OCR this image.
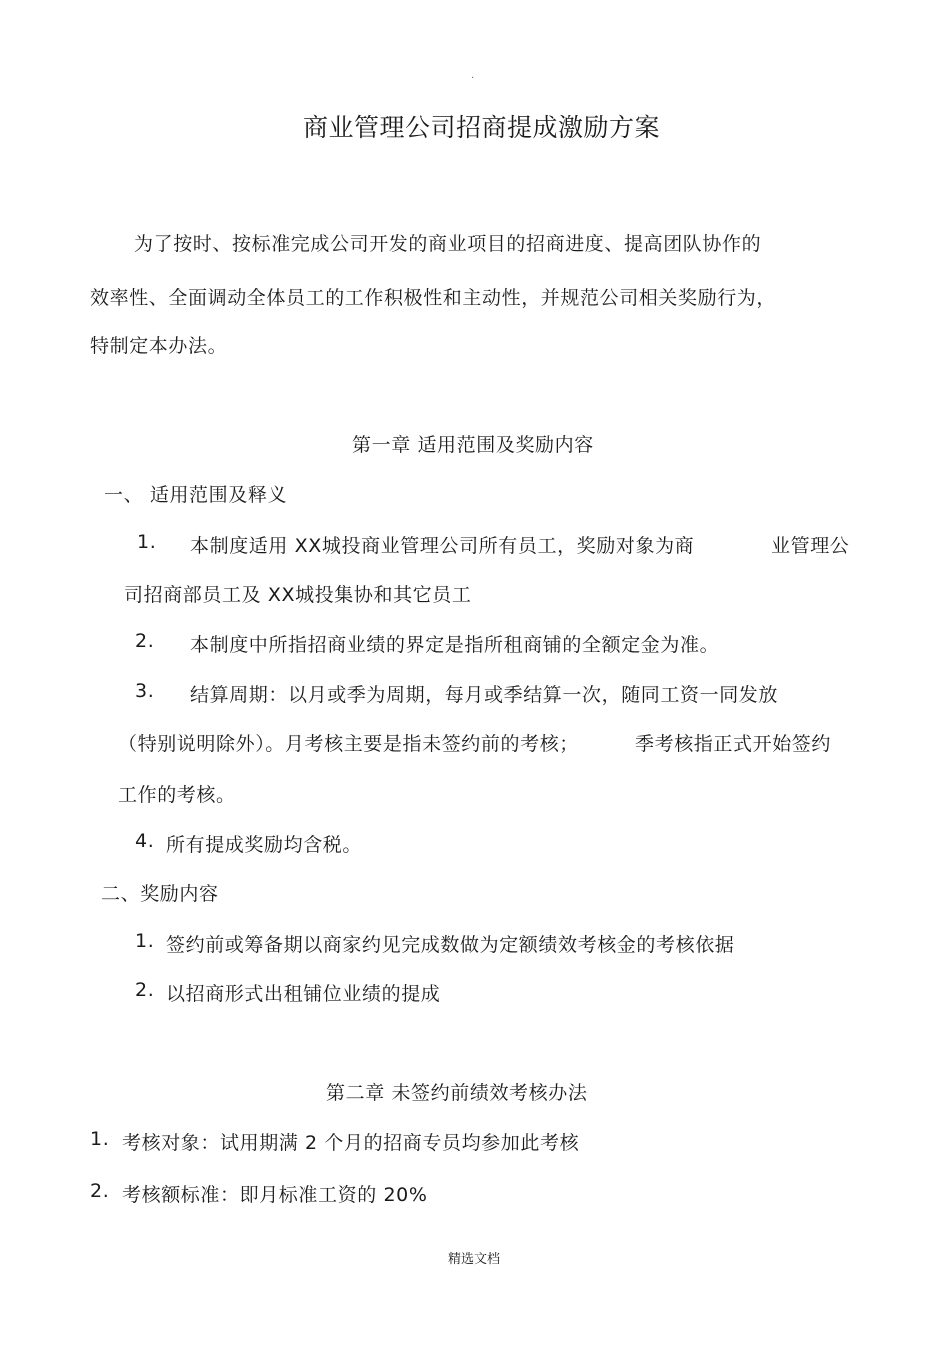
.
商业管理公司招商提成激励方案
为了按时、按标准完成公司开发的商业项目的招商进度、提高团队协作的
效率性、全面调动全体员工的工作积极性和主动性，并规范公司相关奖励行为，
特制定本办法。
第一章 适用范围及奖励内容
一、 适用范围及释义
1. 本制度适用 XX城投商业管理公司所有员工，奖励对象为商	业管理公
司招商部员工及 XX城投集协和其它员工
2. 本制度中所指招商业绩的界定是指所租商铺的全额定金为准。
3. 结算周期：以月或季为周期，每月或季结算一次，随同工资一同发放
（特别说明除外）。月考核主要是指未签约前的考核；	季考核指正式开始签约
工作的考核。
4. 所有提成奖励均含税。
二、奖励内容
1. 签约前或筹备期以商家约见完成数做为定额绩效考核金的考核依据
2. 以招商形式出租铺位业绩的提成
第二章 未签约前绩效考核办法
1. 考核对象：试用期满 2 个月的招商专员均参加此考核
2. 考核额标准：即月标准工资的 20%
精选文档
